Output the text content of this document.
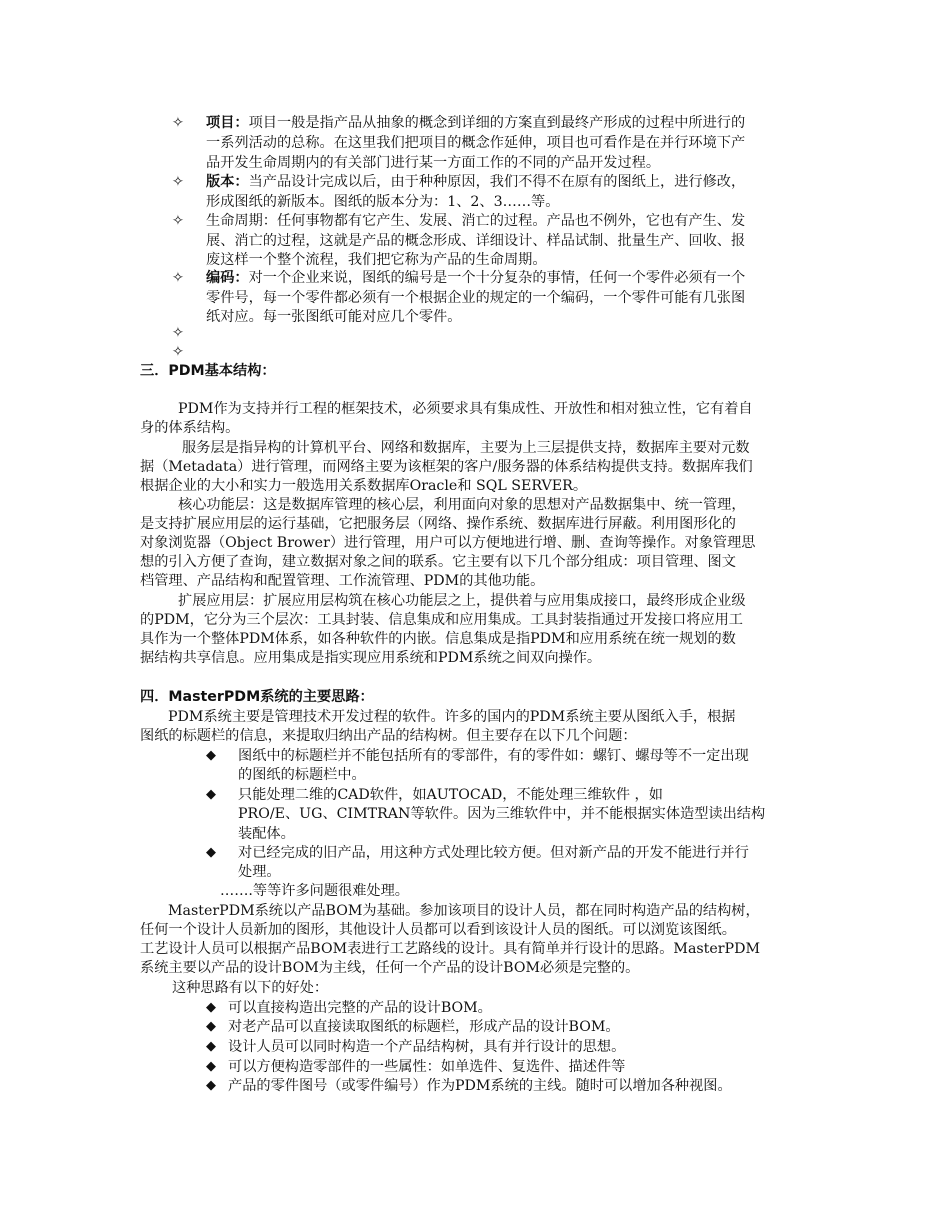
✧ 项目：项目一般是指产品从抽象的概念到详细的方案直到最终产形成的过程中所进行的
一系列活动的总称。在这里我们把项目的概念作延伸，项目也可看作是在并行环境下产
品开发生命周期内的有关部门进行某一方面工作的不同的产品开发过程。
✧ 版本：当产品设计完成以后，由于种种原因，我们不得不在原有的图纸上，进行修改，
形成图纸的新版本。图纸的版本分为：1、2、3……等。
✧ 生命周期：任何事物都有它产生、发展、消亡的过程。产品也不例外，它也有产生、发
展、消亡的过程，这就是产品的概念形成、详细设计、样品试制、批量生产、回收、报
废这样一个整个流程，我们把它称为产品的生命周期。
✧ 编码：对一个企业来说，图纸的编号是一个十分复杂的事情，任何一个零件必须有一个
零件号，每一个零件都必须有一个根据企业的规定的一个编码，一个零件可能有几张图
纸对应。每一张图纸可能对应几个零件。
✧
✧
三．PDM基本结构：
PDM作为支持并行工程的框架技术，必须要求具有集成性、开放性和相对独立性，它有着自
身的体系结构。
服务层是指异构的计算机平台、网络和数据库，主要为上三层提供支持，数据库主要对元数
据（Metadata）进行管理，而网络主要为该框架的客户/服务器的体系结构提供支持。数据库我们
根据企业的大小和实力一般选用关系数据库Oracle和 SQL SERVER。
核心功能层：这是数据库管理的核心层，利用面向对象的思想对产品数据集中、统一管理，
是支持扩展应用层的运行基础，它把服务层（网络、操作系统、数据库进行屏蔽。利用图形化的
对象浏览器（Object Brower）进行管理，用户可以方便地进行增、删、查询等操作。对象管理思
想的引入方便了查询，建立数据对象之间的联系。它主要有以下几个部分组成：项目管理、图文
档管理、产品结构和配置管理、工作流管理、PDM的其他功能。
扩展应用层：扩展应用层构筑在核心功能层之上，提供着与应用集成接口，最终形成企业级
的PDM，它分为三个层次：工具封装、信息集成和应用集成。工具封装指通过开发接口将应用工
具作为一个整体PDM体系，如各种软件的内嵌。信息集成是指PDM和应用系统在统一规划的数
据结构共享信息。应用集成是指实现应用系统和PDM系统之间双向操作。
四．MasterPDM系统的主要思路：
PDM系统主要是管理技术开发过程的软件。许多的国内的PDM系统主要从图纸入手，根据
图纸的标题栏的信息，来提取归纳出产品的结构树。但主要存在以下几个问题：
◆ 图纸中的标题栏并不能包括所有的零部件，有的零件如：螺钉、螺母等不一定出现
的图纸的标题栏中。
◆ 只能处理二维的CAD软件，如AUTOCAD，不能处理三维软件 ，如
PRO/E、UG、CIMTRAN等软件。因为三维软件中，并不能根据实体造型读出结构
装配体。
◆ 对已经完成的旧产品，用这种方式处理比较方便。但对新产品的开发不能进行并行
处理。
…….等等许多问题很难处理。
MasterPDM系统以产品BOM为基础。参加该项目的设计人员，都在同时构造产品的结构树，
任何一个设计人员新加的图形，其他设计人员都可以看到该设计人员的图纸。可以浏览该图纸。
工艺设计人员可以根据产品BOM表进行工艺路线的设计。具有简单并行设计的思路。MasterPDM
系统主要以产品的设计BOM为主线，任何一个产品的设计BOM必须是完整的。
这种思路有以下的好处：
◆ 可以直接构造出完整的产品的设计BOM。
◆ 对老产品可以直接读取图纸的标题栏，形成产品的设计BOM。
◆ 设计人员可以同时构造一个产品结构树，具有并行设计的思想。
◆ 可以方便构造零部件的一些属性：如单选件、复选件、描述件等
◆ 产品的零件图号（或零件编号）作为PDM系统的主线。随时可以增加各种视图。
